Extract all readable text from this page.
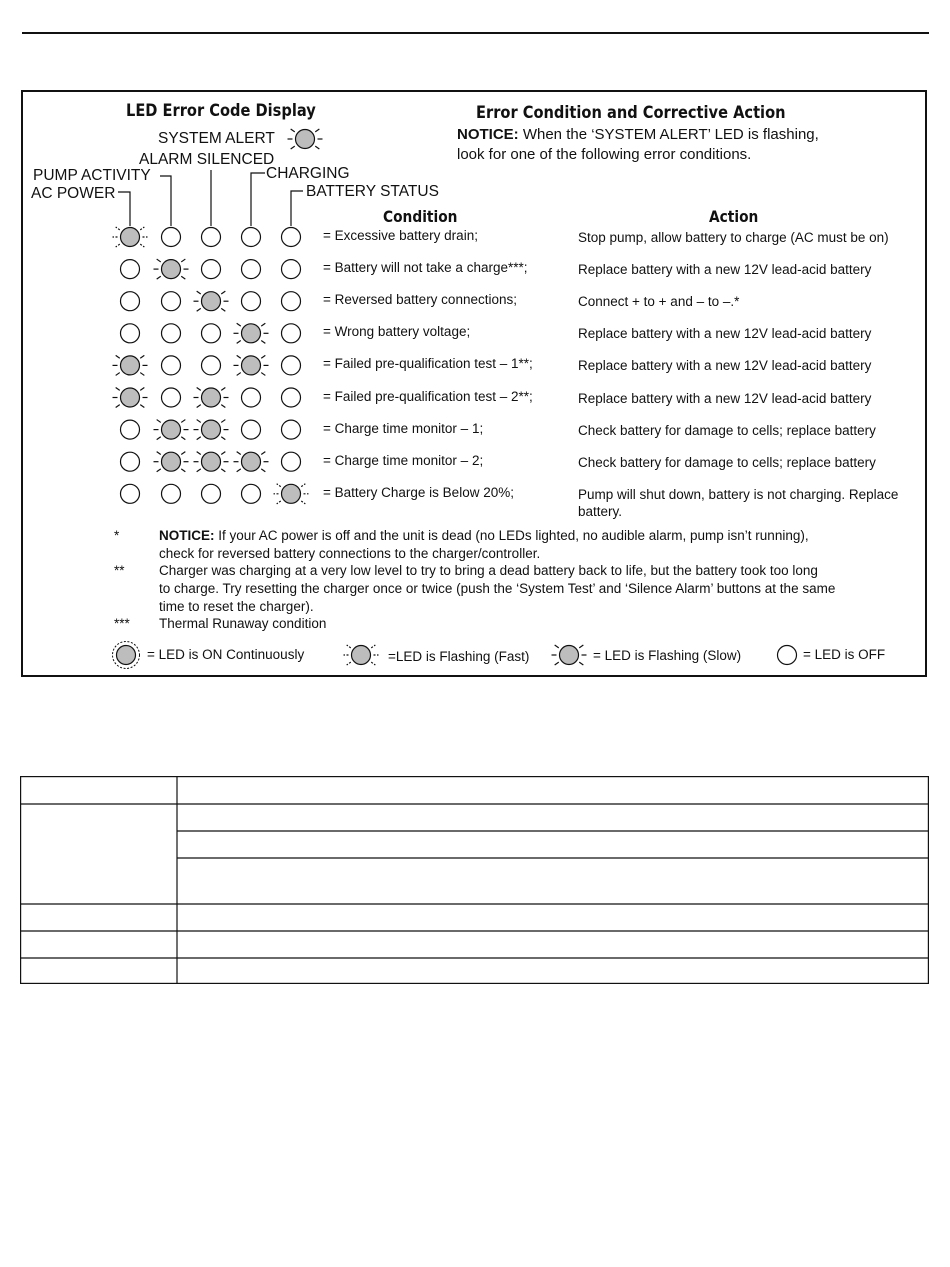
LED Error Code Display	Error Condition and Corrective Action
SYSTEM ALERT
ALARM SILENCED
PUMP ACTIVITY	CHARGING
AC POWER	BATTERY STATUS
NOTICE: When the ‘SYSTEM ALERT’ LED is flashing,
look for one of the following error conditions.
Condition	Action
= Excessive battery drain;	Stop pump, allow battery to charge (AC must be on)
= Battery will not take a charge***;	Replace battery with a new 12V lead-acid battery
= Reversed battery connections;	Connect + to + and – to –.*
= Wrong battery voltage;	Replace battery with a new 12V lead-acid battery
= Failed pre-qualification test – 1**;	Replace battery with a new 12V lead-acid battery
= Failed pre-qualification test – 2**;	Replace battery with a new 12V lead-acid battery
= Charge time monitor – 1;	Check battery for damage to cells; replace battery
= Charge time monitor – 2;	Check battery for damage to cells; replace battery
= Battery Charge is Below 20%;	Pump will shut down, battery is not charging. Replace
battery.
*	NOTICE: If your AC power is off and the unit is dead (no LEDs lighted, no audible alarm, pump isn’t running),
check for reversed battery connections to the charger/controller.
**	Charger was charging at a very low level to try to bring a dead battery back to life, but the battery took too long
to charge. Try resetting the charger once or twice (push the ‘System Test’ and ‘Silence Alarm’ buttons at the same
time to reset the charger).
*** Thermal Runaway condition
= LED is ON Continuously	=LED is Flashing (Fast)	= LED is Flashing (Slow)	= LED is OFF
